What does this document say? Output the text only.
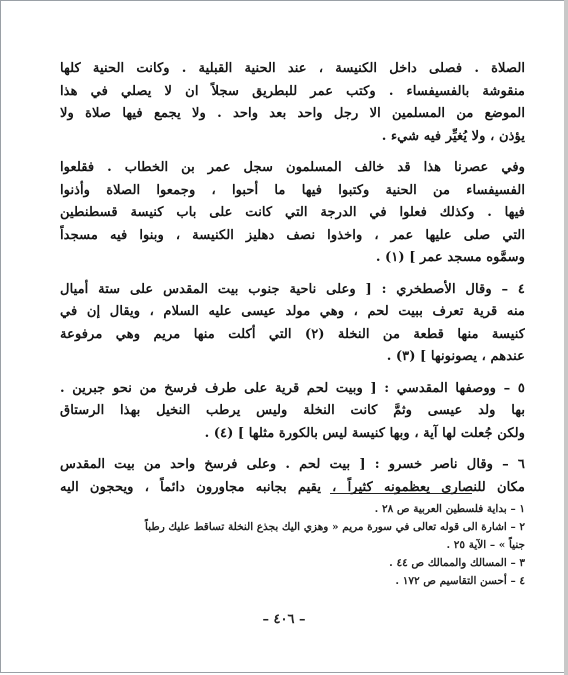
الصلاة . فصلى داخل الكنيسة ، عند الحنية القبلية . وكانت الحنية كلها
منقوشة بالفسيفساء . وكتب عمر للبطريق سجلاً ان لا يصلي في هذا
الموضع من المسلمين الا رجل واحد بعد واحد . ولا يجمع فيها صلاة ولا
يؤذن ، ولا يُغيِّر فيه شيء .
وفي عصرنا هذا قد خالف المسلمون سجل عمر بن الخطاب . فقلعوا
الفسيفساء من الحنية وكتبوا فيها ما أحبوا ، وجمعوا الصلاة وأذنوا
فيها . وكذلك فعلوا في الدرجة التي كانت على باب كنيسة قسطنطين
التي صلى عليها عمر ، واخذوا نصف دهليز الكنيسة ، وبنوا فيه مسجداً
وسمَّوه مسجد عمر ] (١) .
٤ – وقال الأصطخري : [ وعلى ناحية جنوب بيت المقدس على ستة أميال
منه قرية تعرف ببيت لحم ، وهي مولد عيسى عليه السلام ، ويقال إن في
كنيسة منها قطعة من النخلة (٢) التي أكلت منها مريم وهي مرفوعة
عندهم ، يصونونها ] (٣) .
٥ – ووصفها المقدسي : [ وبيت لحم قرية على طرف فرسخ من نحو جبرين .
بها ولد عيسى وثمَّ كانت النخلة وليس يرطب النخيل بهذا الرستاق
ولكن جُعلت لها آية ، وبها كنيسة ليس بالكورة مثلها ] (٤) .
٦ – وقال ناصر خسرو : [ بيت لحم . وعلى فرسخ واحد من بيت المقدس
مكان للنصارى يعظمونه كثيراً ، يقيم بجانبه مجاورون دائماً ، ويحجون اليه
١ – بداية فلسطين العربية ص ٢٨ .
٢ – اشارة الى قوله تعالى في سورة مريم « وهزي اليك بجذع النخلة تساقط عليك رطباً
جنياً » – الآية ٢٥ .
٣ – المسالك والممالك ص ٤٤ .
٤ – أحسن التقاسيم ص ١٧٢ .
– ٤٠٦ –
